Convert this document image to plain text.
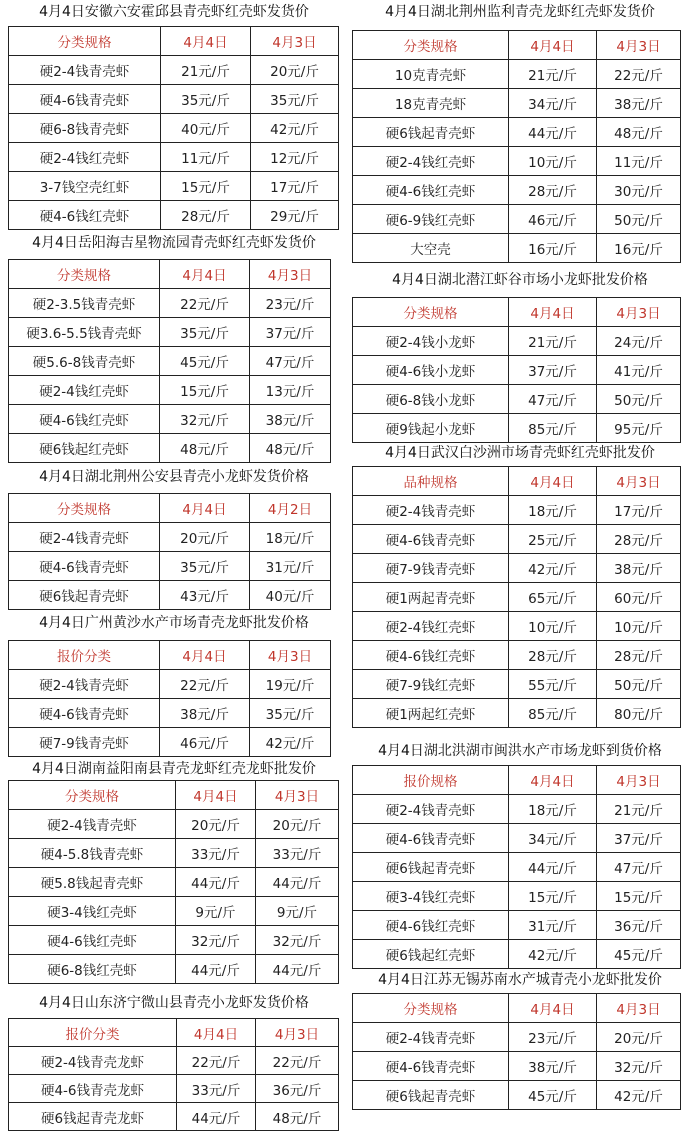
4月4日安徽六安霍邱县青壳虾红壳虾发货价
分类规格	4月4日	4月3日
硬2-4钱青壳虾	21元/斤	20元/斤
硬4-6钱青壳虾	35元/斤	35元/斤
硬6-8钱青壳虾	40元/斤	42元/斤
硬2-4钱红壳虾	11元/斤	12元/斤
3-7钱空壳红虾	15元/斤	17元/斤
硬4-6钱红壳虾	28元/斤	29元/斤
4月4日岳阳海吉星物流园青壳虾红壳虾发货价
分类规格	4月4日	4月3日
硬2-3.5钱青壳虾	22元/斤	23元/斤
硬3.6-5.5钱青壳虾	35元/斤	37元/斤
硬5.6-8钱青壳虾	45元/斤	47元/斤
硬2-4钱红壳虾	15元/斤	13元/斤
硬4-6钱红壳虾	32元/斤	38元/斤
硬6钱起红壳虾	48元/斤	48元/斤
4月4日湖北荆州公安县青壳小龙虾发货价格
分类规格	4月4日	4月2日
硬2-4钱青壳虾	20元/斤	18元/斤
硬4-6钱青壳虾	35元/斤	31元/斤
硬6钱起青壳虾	43元/斤	40元/斤
4月4日广州黄沙水产市场青壳龙虾批发价格
报价分类	4月4日	4月3日
硬2-4钱青壳虾	22元/斤	19元/斤
硬4-6钱青壳虾	38元/斤	35元/斤
硬7-9钱青壳虾	46元/斤	42元/斤
4月4日湖南益阳南县青壳龙虾红壳龙虾批发价
分类规格	4月4日	4月3日
硬2-4钱青壳虾	20元/斤	20元/斤
硬4-5.8钱青壳虾	33元/斤	33元/斤
硬5.8钱起青壳虾	44元/斤	44元/斤
硬3-4钱红壳虾	9元/斤	9元/斤
硬4-6钱红壳虾	32元/斤	32元/斤
硬6-8钱红壳虾	44元/斤	44元/斤
4月4日山东济宁微山县青壳小龙虾发货价格
报价分类	4月4日	4月3日
硬2-4钱青壳龙虾	22元/斤	22元/斤
硬4-6钱青壳龙虾	33元/斤	36元/斤
硬6钱起青壳龙虾	44元/斤	48元/斤
4月4日湖北荆州监利青壳龙虾红壳虾发货价
分类规格	4月4日	4月3日
10克青壳虾	21元/斤	22元/斤
18克青壳虾	34元/斤	38元/斤
硬6钱起青壳虾	44元/斤	48元/斤
硬2-4钱红壳虾	10元/斤	11元/斤
硬4-6钱红壳虾	28元/斤	30元/斤
硬6-9钱红壳虾	46元/斤	50元/斤
大空壳	16元/斤	16元/斤
4月4日湖北潜江虾谷市场小龙虾批发价格
分类规格	4月4日	4月3日
硬2-4钱小龙虾	21元/斤	24元/斤
硬4-6钱小龙虾	37元/斤	41元/斤
硬6-8钱小龙虾	47元/斤	50元/斤
硬9钱起小龙虾	85元/斤	95元/斤
4月4日武汉白沙洲市场青壳虾红壳虾批发价
品种规格	4月4日	4月3日
硬2-4钱青壳虾	18元/斤	17元/斤
硬4-6钱青壳虾	25元/斤	28元/斤
硬7-9钱青壳虾	42元/斤	38元/斤
硬1两起青壳虾	65元/斤	60元/斤
硬2-4钱红壳虾	10元/斤	10元/斤
硬4-6钱红壳虾	28元/斤	28元/斤
硬7-9钱红壳虾	55元/斤	50元/斤
硬1两起红壳虾	85元/斤	80元/斤
4月4日湖北洪湖市闽洪水产市场龙虾到货价格
报价规格	4月4日	4月3日
硬2-4钱青壳虾	18元/斤	21元/斤
硬4-6钱青壳虾	34元/斤	37元/斤
硬6钱起青壳虾	44元/斤	47元/斤
硬3-4钱红壳虾	15元/斤	15元/斤
硬4-6钱红壳虾	31元/斤	36元/斤
硬6钱起红壳虾	42元/斤	45元/斤
4月4日江苏无锡苏南水产城青壳小龙虾批发价
分类规格	4月4日	4月3日
硬2-4钱青壳虾	23元/斤	20元/斤
硬4-6钱青壳虾	38元/斤	32元/斤
硬6钱起青壳虾	45元/斤	42元/斤
